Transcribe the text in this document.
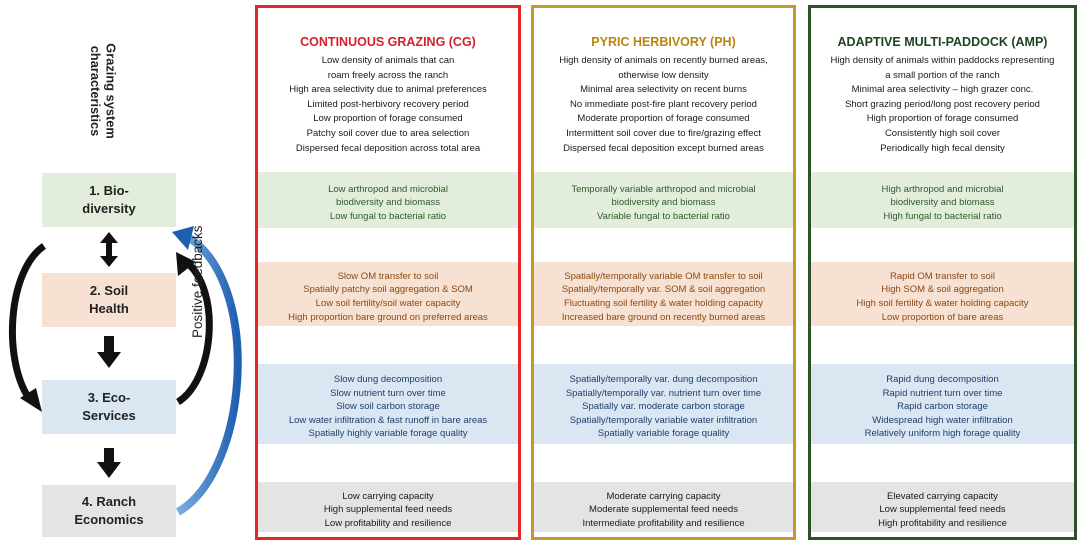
Grazing system
characteristics
1. Bio-
diversity
2. Soil
Health
3. Eco-
Services
4. Ranch
Economics
Positive feedbacks
CONTINUOUS GRAZING (CG)
Low density of animals that can
roam freely across the ranch
High area selectivity due to animal preferences
Limited post-herbivory recovery period
Low proportion of forage consumed
Patchy soil cover due to area selection
Dispersed fecal deposition across total area
Low arthropod and microbial
biodiversity and biomass
Low fungal to bacterial ratio
Slow OM transfer to soil
Spatially patchy soil aggregation & SOM
Low soil fertility/soil water capacity
High proportion bare ground on preferred areas
Slow dung decomposition
Slow nutrient turn over time
Slow soil carbon storage
Low water infiltration & fast runoff in bare areas
Spatially highly variable forage quality
Low carrying capacity
High supplemental feed needs
Low profitability and resilience
PYRIC HERBIVORY (PH)
High density of animals on recently burned areas,
otherwise low density
Minimal area selectivity on recent burns
No immediate post-fire plant recovery period
Moderate proportion of forage consumed
Intermittent soil cover due to fire/grazing effect
Dispersed fecal deposition except burned areas
Temporally variable arthropod and microbial
biodiversity and biomass
Variable fungal to bacterial ratio
Spatially/temporally variable OM transfer to soil
Spatially/temporally var. SOM & soil aggregation
Fluctuating soil fertility & water holding capacity
Increased bare ground on recently burned areas
Spatially/temporally var. dung decomposition
Spatially/temporally var. nutrient turn over time
Spatially var. moderate carbon storage
Spatially/temporally variable water infiltration
Spatially variable forage quality
Moderate carrying capacity
Moderate supplemental feed needs
Intermediate profitability and resilience
ADAPTIVE MULTI-PADDOCK (AMP)
High density of animals within paddocks representing
a small portion of the ranch
Minimal area selectivity – high grazer conc.
Short grazing period/long post recovery period
High proportion of forage consumed
Consistently high soil cover
Periodically high fecal density
High arthropod and microbial
biodiversity and biomass
High fungal to bacterial ratio
Rapid OM transfer to soil
High SOM & soil aggregation
High soil fertility & water holding capacity
Low proportion of bare areas
Rapid dung decomposition
Rapid nutrient turn over time
Rapid carbon storage
Widespread high water infiltration
Relatively uniform high forage quality
Elevated carrying capacity
Low supplemental feed needs
High profitability and resilience
